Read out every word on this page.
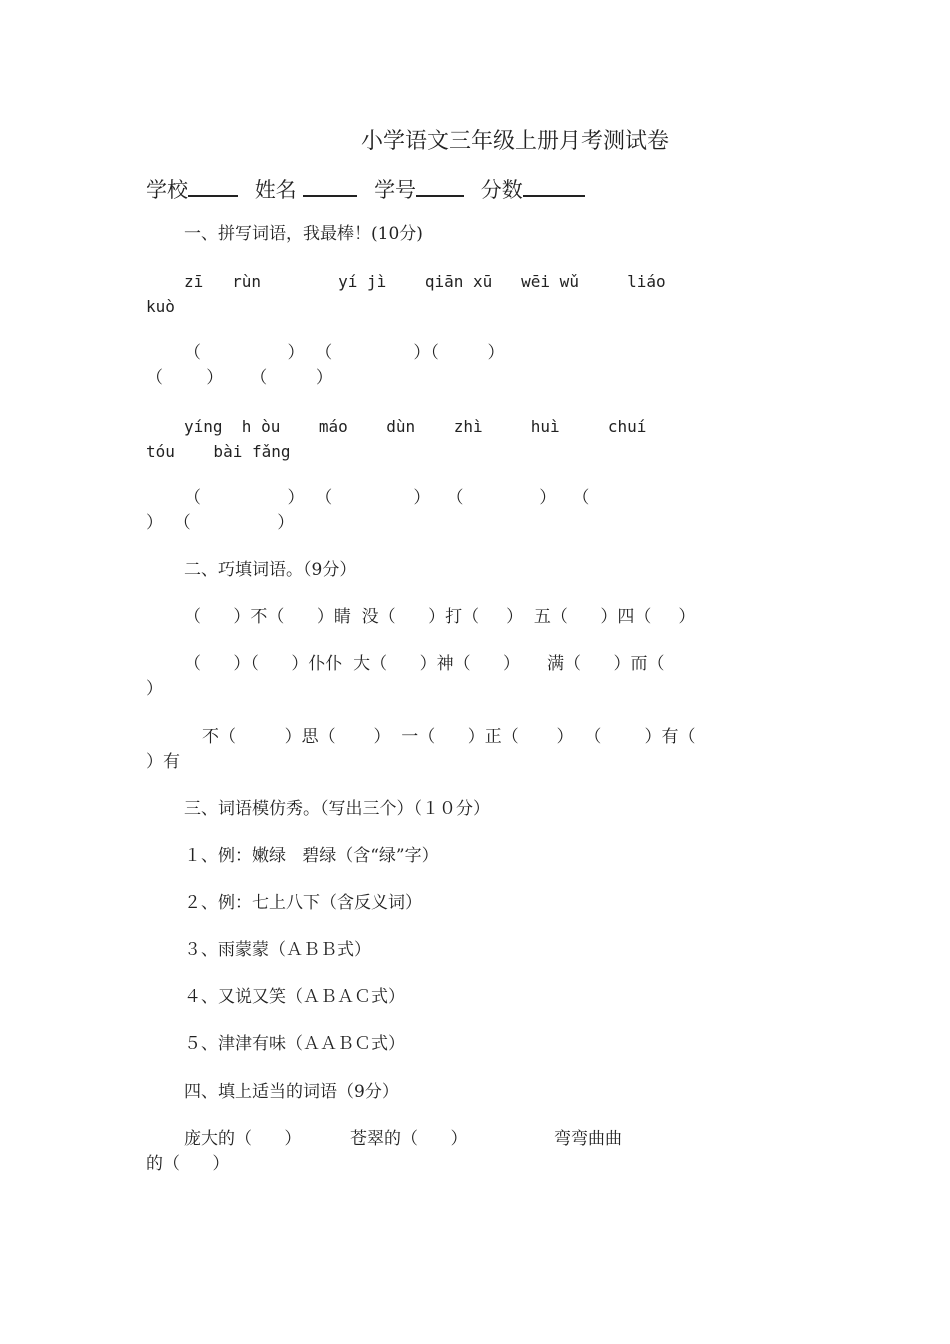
小学语文三年级上册月考测试卷
学校	姓名	学号	分数
一、拼写词语，我最棒！(10分)
zī   rùn        yí jì    qiān xū   wēi wǔ     liáo
kuò
（                ）  （               ）（         ）
（        ）     （         ）
yíng  h òu    máo    dùn    zhì     huì     chuí
tóu    bài fǎng
（                ）  （               ）   （              ）   （
）  （                ）
二、巧填词语。（9分）
（      ）不（      ）睛  没（      ）打（     ）  五（      ）四（     ）
（      ）（      ）仆仆  大（      ）神（      ）     满（      ）而（
）
不（         ）思（       ）  一（      ）正（       ）  （        ）有（
）有
三、词语模仿秀。（写出三个）（１０分）
１、例：嫩绿   碧绿（含“绿”字）
２、例：七上八下（含反义词）
３、雨蒙蒙（ＡＢＢ式）
４、又说又笑（ＡＢＡＣ式）
５、津津有味（ＡＡＢＣ式）
四、填上适当的词语（9分）
庞大的（      ）         苍翠的（      ）                弯弯曲曲
的（      ）
